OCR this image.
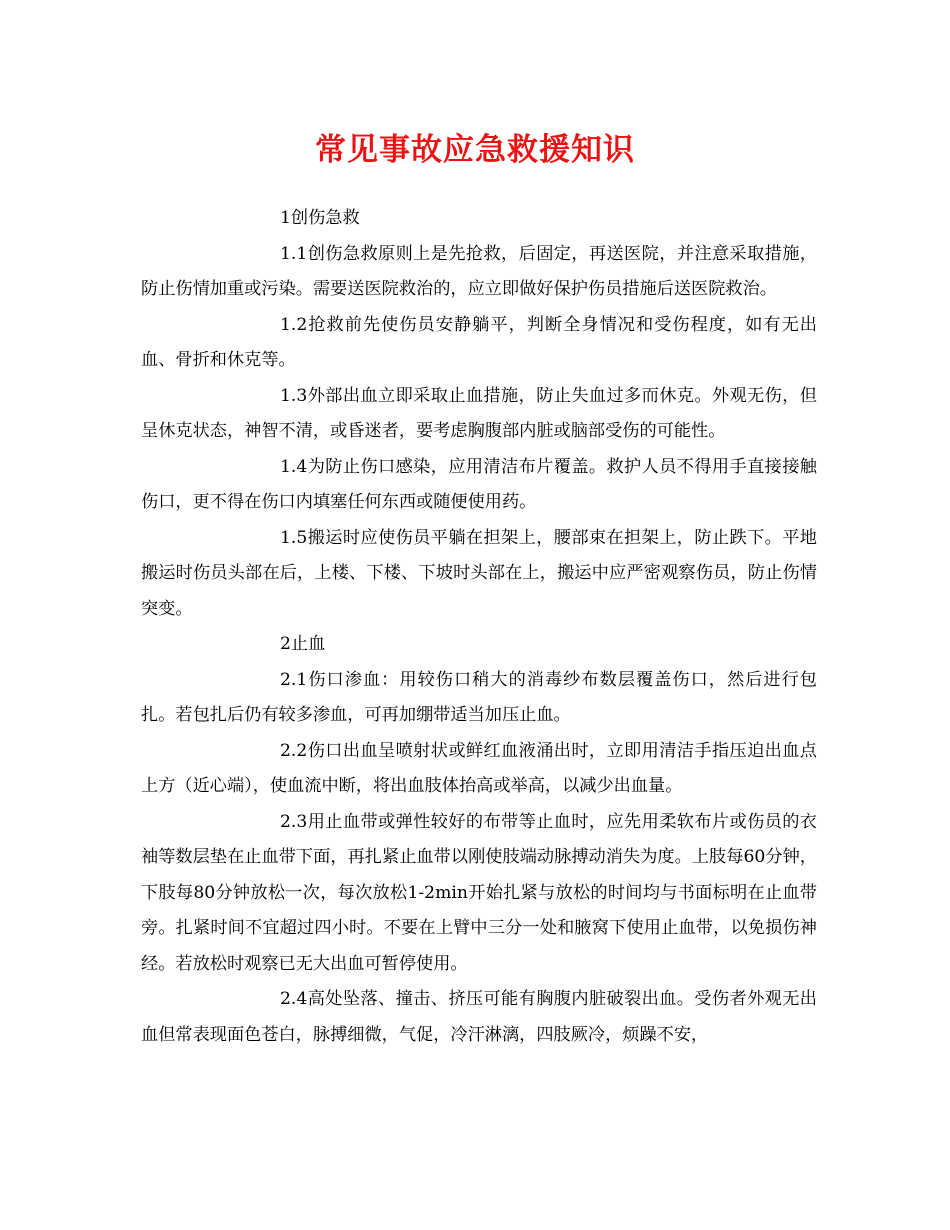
常见事故应急救援知识

1创伤急救

1.1创伤急救原则上是先抢救，后固定，再送医院，并注意采取措施，防止伤情加重或污染。需要送医院救治的，应立即做好保护伤员措施后送医院救治。

1.2抢救前先使伤员安静躺平，判断全身情况和受伤程度，如有无出血、骨折和休克等。

1.3外部出血立即采取止血措施，防止失血过多而休克。外观无伤，但呈休克状态，神智不清，或昏迷者，要考虑胸腹部内脏或脑部受伤的可能性。

1.4为防止伤口感染，应用清洁布片覆盖。救护人员不得用手直接接触伤口，更不得在伤口内填塞任何东西或随便使用药。

1.5搬运时应使伤员平躺在担架上，腰部束在担架上，防止跌下。平地搬运时伤员头部在后，上楼、下楼、下坡时头部在上，搬运中应严密观察伤员，防止伤情突变。

2止血

2.1伤口渗血：用较伤口稍大的消毒纱布数层覆盖伤口，然后进行包扎。若包扎后仍有较多渗血，可再加绷带适当加压止血。

2.2伤口出血呈喷射状或鲜红血液涌出时，立即用清洁手指压迫出血点上方（近心端），使血流中断，将出血肢体抬高或举高，以减少出血量。

2.3用止血带或弹性较好的布带等止血时，应先用柔软布片或伤员的衣袖等数层垫在止血带下面，再扎紧止血带以刚使肢端动脉搏动消失为度。上肢每60分钟，下肢每80分钟放松一次，每次放松1-2min开始扎紧与放松的时间均与书面标明在止血带旁。扎紧时间不宜超过四小时。不要在上臂中三分一处和腋窝下使用止血带，以免损伤神经。若放松时观察已无大出血可暂停使用。

2.4高处坠落、撞击、挤压可能有胸腹内脏破裂出血。受伤者外观无出血但常表现面色苍白，脉搏细微，气促，冷汗淋漓，四肢厥冷，烦躁不安，
